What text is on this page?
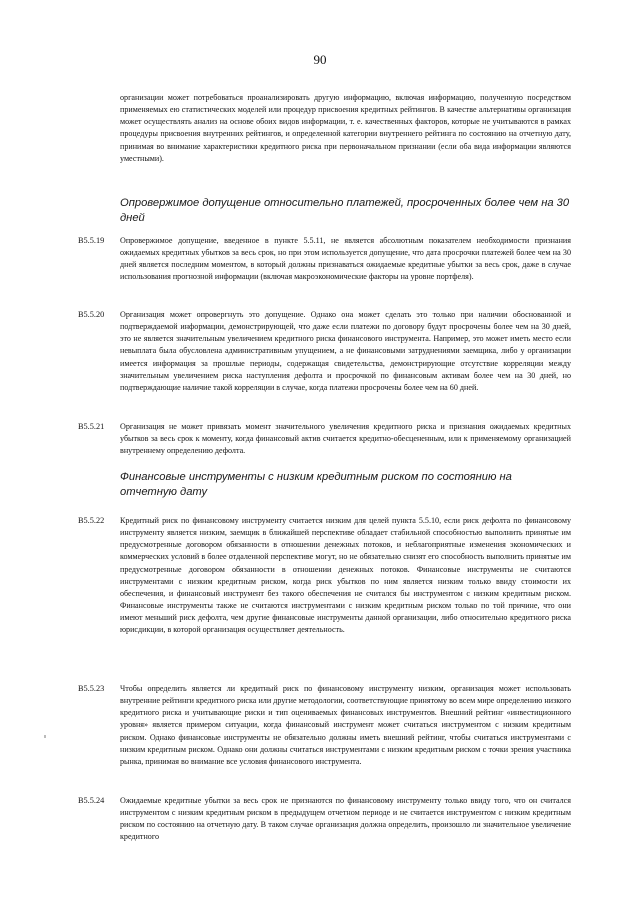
90
организации может потребоваться проанализировать другую информацию, включая информацию, полученную посредством применяемых ею статистических моделей или процедур присвоения кредитных рейтингов. В качестве альтернативы организация может осуществлять анализ на основе обоих видов информации, т. е. качественных факторов, которые не учитываются в рамках процедуры присвоения внутренних рейтингов, и определенной категории внутреннего рейтинга по состоянию на отчетную дату, принимая во внимание характеристики кредитного риска при первоначальном признании (если оба вида информации являются уместными).
Опровержимое допущение относительно платежей, просроченных более чем на 30 дней
B5.5.19 Опровержимое допущение, введенное в пункте 5.5.11, не является абсолютным показателем необходимости признания ожидаемых кредитных убытков за весь срок, но при этом используется допущение, что дата просрочки платежей более чем на 30 дней является последним моментом, в который должны признаваться ожидаемые кредитные убытки за весь срок, даже в случае использования прогнозной информации (включая макроэкономические факторы на уровне портфеля).
B5.5.20 Организация может опровергнуть это допущение. Однако она может сделать это только при наличии обоснованной и подтверждаемой информации, демонстрирующей, что даже если платежи по договору будут просрочены более чем на 30 дней, это не является значительным увеличением кредитного риска финансового инструмента. Например, это может иметь место если невыплата была обусловлена административным упущением, а не финансовыми затруднениями заемщика, либо у организации имеется информация за прошлые периоды, содержащая свидетельства, демонстрирующие отсутствие корреляции между значительным увеличением риска наступления дефолта и просрочкой по финансовым активам более чем на 30 дней, но подтверждающие наличие такой корреляции в случае, когда платежи просрочены более чем на 60 дней.
B5.5.21 Организация не может привязать момент значительного увеличения кредитного риска и признания ожидаемых кредитных убытков за весь срок к моменту, когда финансовый актив считается кредитно-обесцененным, или к применяемому организацией внутреннему определению дефолта.
Финансовые инструменты с низким кредитным риском по состоянию на отчетную дату
B5.5.22 Кредитный риск по финансовому инструменту считается низким для целей пункта 5.5.10, если риск дефолта по финансовому инструменту является низким, заемщик в ближайшей перспективе обладает стабильной способностью выполнить принятые им предусмотренные договором обязанности в отношении денежных потоков, и неблагоприятные изменения экономических и коммерческих условий в более отдаленной перспективе могут, но не обязательно снизят его способность выполнить принятые им предусмотренные договором обязанности в отношении денежных потоков. Финансовые инструменты не считаются инструментами с низким кредитным риском, когда риск убытков по ним является низким только ввиду стоимости их обеспечения, и финансовый инструмент без такого обеспечения не считался бы инструментом с низким кредитным риском. Финансовые инструменты также не считаются инструментами с низким кредитным риском только по той причине, что они имеют меньший риск дефолта, чем другие финансовые инструменты данной организации, либо относительно кредитного риска юрисдикции, в которой организация осуществляет деятельность.
B5.5.23 Чтобы определить является ли кредитный риск по финансовому инструменту низким, организация может использовать внутренние рейтинги кредитного риска или другие методологии, соответствующие принятому во всем мире определению низкого кредитного риска и учитывающие риски и тип оцениваемых финансовых инструментов. Внешний рейтинг «инвестиционного уровня» является примером ситуации, когда финансовый инструмент может считаться инструментом с низким кредитным риском. Однако финансовые инструменты не обязательно должны иметь внешний рейтинг, чтобы считаться инструментами с низким кредитным риском. Однако они должны считаться инструментами с низким кредитным риском с точки зрения участника рынка, принимая во внимание все условия финансового инструмента.
B5.5.24 Ожидаемые кредитные убытки за весь срок не признаются по финансовому инструменту только ввиду того, что он считался инструментом с низким кредитным риском в предыдущем отчетном периоде и не считается инструментом с низким кредитным риском по состоянию на отчетную дату. В таком случае организация должна определить, произошло ли значительное увеличение кредитного
